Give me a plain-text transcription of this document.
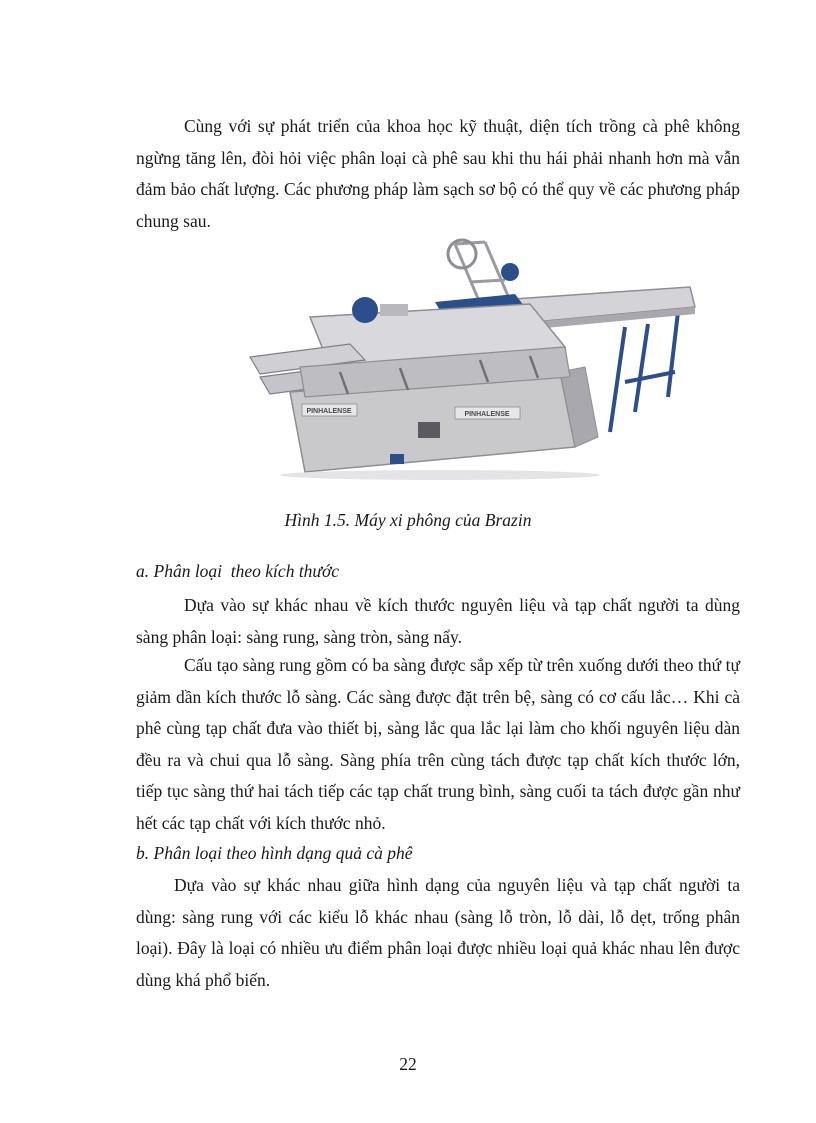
Cùng với sự phát triển của khoa học kỹ thuật, diện tích trồng cà phê không ngừng tăng lên, đòi hỏi việc phân loại cà phê sau khi thu hái phải nhanh hơn mà vẫn đảm bảo chất lượng. Các phương pháp làm sạch sơ bộ có thể quy về các phương pháp chung sau.

PINHALENSE	PINHALENSE

Hình 1.5. Máy xi phông của Brazin

a. Phân loại  theo kích thước

Dựa vào sự khác nhau về kích thước nguyên liệu và tạp chất người ta dùng sàng phân loại: sàng rung, sàng tròn, sàng nẩy.

Cấu tạo sàng rung gồm có ba sàng được sắp xếp từ trên xuống dưới theo thứ tự giảm dần kích thước lỗ sàng. Các sàng được đặt trên bệ, sàng có cơ cấu lắc… Khi cà phê cùng tạp chất đưa vào thiết bị, sàng lắc qua lắc lại làm cho khối nguyên liệu dàn đều ra và chui qua lỗ sàng. Sàng phía trên cùng tách được tạp chất kích thước lớn, tiếp tục sàng thứ hai tách tiếp các tạp chất trung bình, sàng cuối ta tách được gần như hết các tạp chất với kích thước nhỏ.

b. Phân loại theo hình dạng quả cà phê

Dựa vào sự khác nhau giữa hình dạng của nguyên liệu và tạp chất người ta dùng: sàng rung với các kiểu lỗ khác nhau (sàng lỗ tròn, lỗ dài, lỗ dẹt, trống phân loại). Đây là loại có nhiều ưu điểm phân loại được nhiều loại quả khác nhau lên được dùng khá phổ biến.

22
